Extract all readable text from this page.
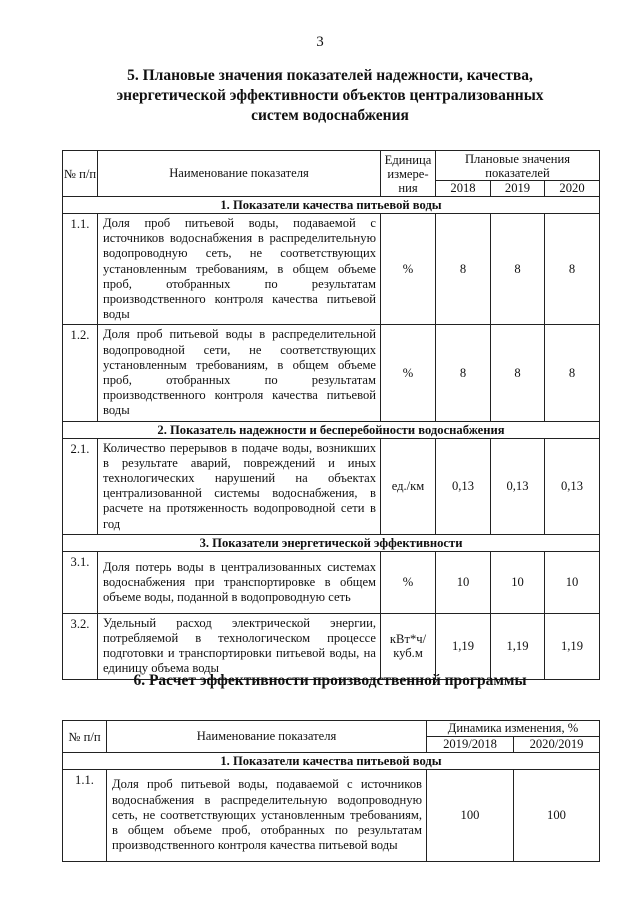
3
5. Плановые значения показателей надежности, качества,
энергетической эффективности объектов централизованных
систем водоснабжения
№ п/п	Наименование показателя	Единица измере-ния	Плановые значения показателей		
			2018	2019	2020
1. Показатели качества питьевой воды					
1.1.	Доля проб питьевой воды, подаваемой с источников водоснабжения в распределительную водопроводную сеть, не соответствующих установленным требованиям, в общем объеме проб, отобранных по результатам производственного контроля качества питьевой воды	%	8	8	8
1.2.	Доля проб питьевой воды в распределительной водопроводной сети, не соответствующих установленным требованиям, в общем объеме проб, отобранных по результатам производственного контроля качества питьевой воды	%	8	8	8
2. Показатель надежности и бесперебойности водоснабжения					
2.1.	Количество перерывов в подаче воды, возникших в результате аварий, повреждений и иных технологических нарушений на объектах централизованной системы водоснабжения, в расчете на протяженность водопроводной сети в год	ед./км	0,13	0,13	0,13
3. Показатели энергетической эффективности					
3.1.	Доля потерь воды в централизованных системах водоснабжения при транспортировке в общем объеме воды, поданной в водопроводную сеть	%	10	10	10
3.2.	Удельный расход электрической энергии, потребляемой в технологическом процессе подготовки и транспортировки питьевой воды, на единицу объема воды	кВт*ч/ куб.м	1,19	1,19	1,19
6. Расчет эффективности производственной программы
№ п/п	Наименование показателя	Динамика изменения, %	
		2019/2018	2020/2019
1. Показатели качества питьевой воды			
1.1.	Доля проб питьевой воды, подаваемой с источников водоснабжения в распределительную водопроводную сеть, не соответствующих установленным требованиям, в общем объеме проб, отобранных по результатам производственного контроля качества питьевой воды	100	100
